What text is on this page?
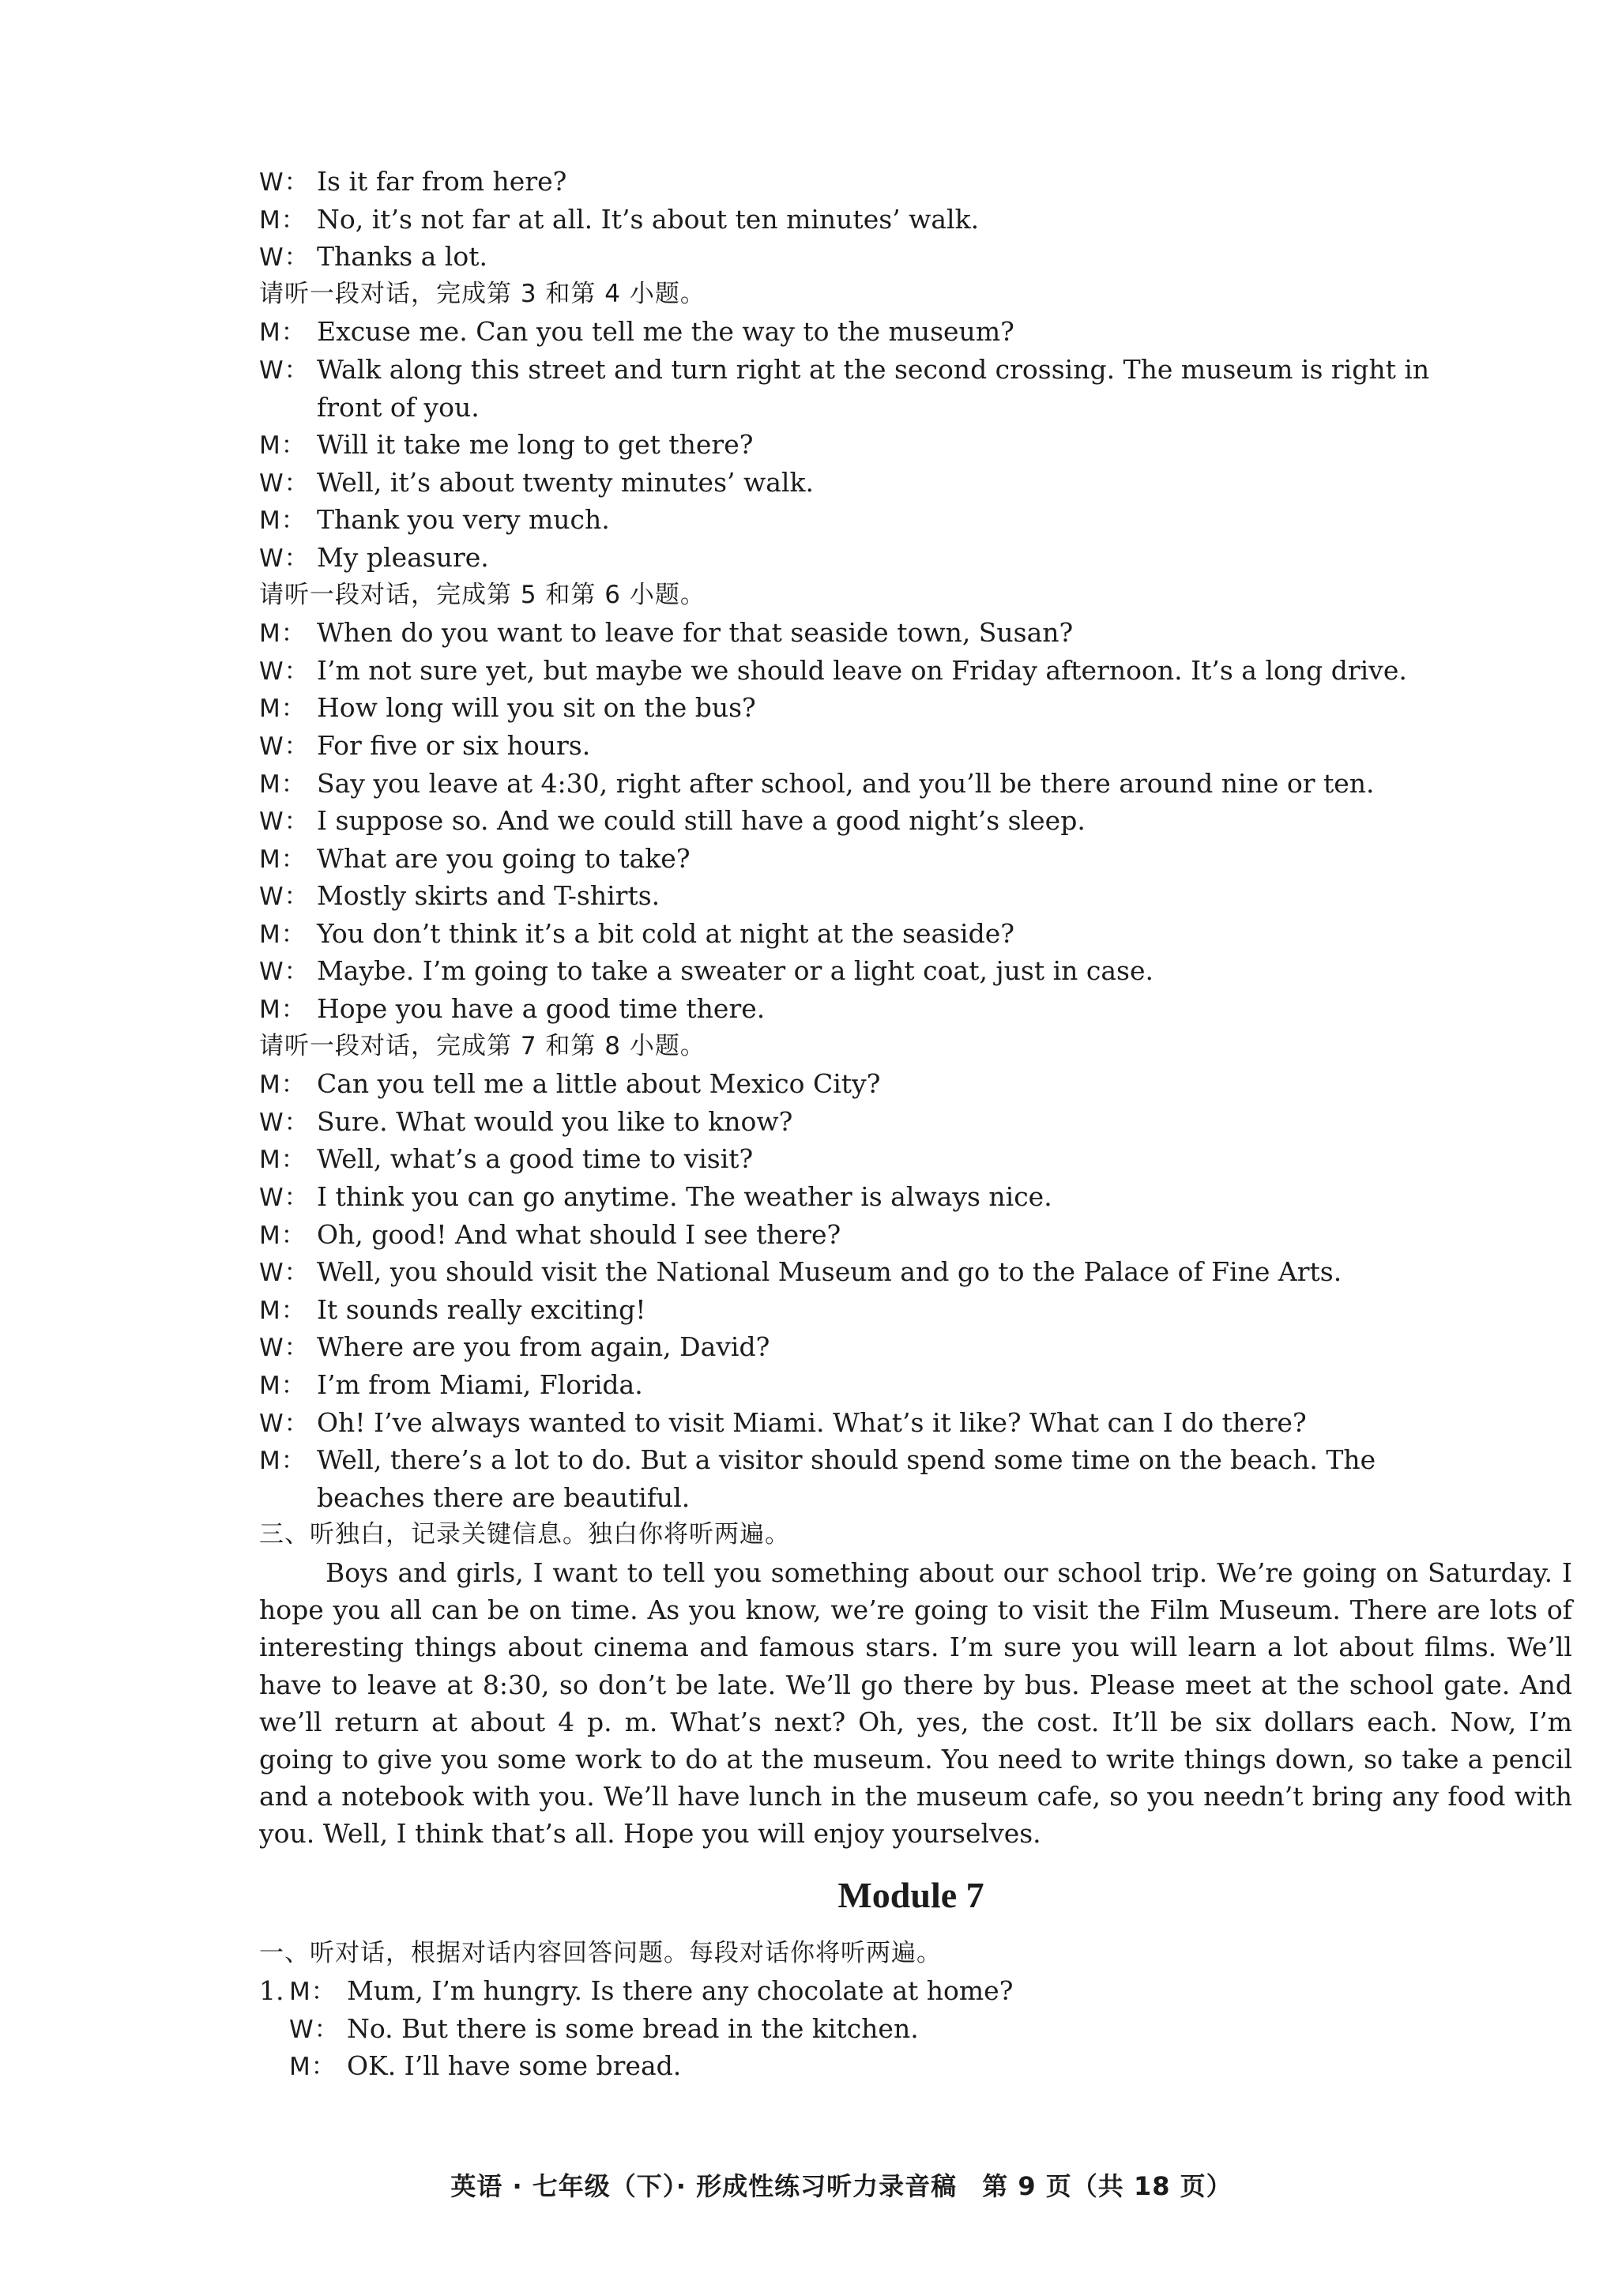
W： Is it far from here?
M： No, it’s not far at all. It’s about ten minutes’ walk.
W： Thanks a lot.
请听一段对话，完成第 3 和第 4 小题。
M： Excuse me. Can you tell me the way to the museum?
W： Walk along this street and turn right at the second crossing. The museum is right in
front of you.
M： Will it take me long to get there?
W： Well, it’s about twenty minutes’ walk.
M： Thank you very much.
W： My pleasure.
请听一段对话，完成第 5 和第 6 小题。
M： When do you want to leave for that seaside town, Susan?
W： I’m not sure yet, but maybe we should leave on Friday afternoon. It’s a long drive.
M： How long will you sit on the bus?
W： For five or six hours.
M： Say you leave at 4:30, right after school, and you’ll be there around nine or ten.
W： I suppose so. And we could still have a good night’s sleep.
M： What are you going to take?
W： Mostly skirts and T-shirts.
M： You don’t think it’s a bit cold at night at the seaside?
W： Maybe. I’m going to take a sweater or a light coat, just in case.
M： Hope you have a good time there.
请听一段对话，完成第 7 和第 8 小题。
M： Can you tell me a little about Mexico City?
W： Sure. What would you like to know?
M： Well, what’s a good time to visit?
W： I think you can go anytime. The weather is always nice.
M： Oh, good! And what should I see there?
W： Well, you should visit the National Museum and go to the Palace of Fine Arts.
M： It sounds really exciting!
W： Where are you from again, David?
M： I’m from Miami, Florida.
W： Oh! I’ve always wanted to visit Miami. What’s it like? What can I do there?
M： Well, there’s a lot to do. But a visitor should spend some time on the beach. The
beaches there are beautiful.
三、听独白，记录关键信息。独白你将听两遍。

Boys and girls, I want to tell you something about our school trip. We’re going on Saturday. I hope you all can be on time. As you know, we’re going to visit the Film Museum. There are lots of interesting things about cinema and famous stars. I’m sure you will learn a lot about films. We’ll have to leave at 8:30, so don’t be late. We’ll go there by bus. Please meet at the school gate. And we’ll return at about 4 p. m. What’s next? Oh, yes, the cost. It’ll be six dollars each. Now, I’m going to give you some work to do at the museum. You need to write things down, so take a pencil and a notebook with you. We’ll have lunch in the museum cafe, so you needn’t bring any food with you. Well, I think that’s all. Hope you will enjoy yourselves.

Module 7
一、听对话，根据对话内容回答问题。每段对话你将听两遍。
1. M： Mum, I’m hungry. Is there any chocolate at home?
W： No. But there is some bread in the kitchen.
M： OK. I’ll have some bread.
英语 · 七年级（下）· 形成性练习听力录音稿 第 9 页（共 18 页）
